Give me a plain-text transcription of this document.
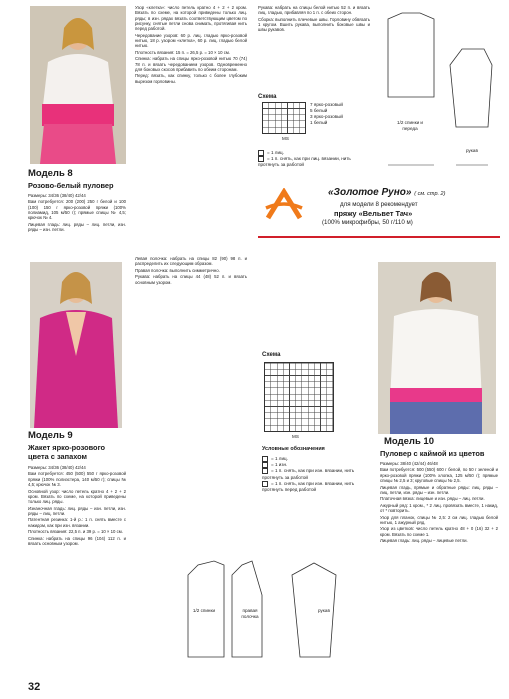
Модель 8
Розово-белый пуловер

Размеры: 34/36 (38/40) 42/44

Вам потребуется: 200 (200) 250 г белой и 100 (100) 150 г ярко-розовой пряжи (100% полиамид, 105 м/50 г); прямые спицы № 4,5; крючок № 4.

Лицевая гладь: лиц. ряды – лиц. петли, изн. ряды – изн. петли.

Узор «клетка»: число петель кратно 4 + 2 + 2 кром. Вязать по схеме, на которой приведены только лиц. ряды; в изн. рядах вязать соответствующим цветом по рисунку, снятые петли снова снимать, протягивая нить перед работой.

Чередование узоров: 60 р. лиц. гладью ярко-розовой нитью, 18 р. узором «клетка», 60 р. лиц. гладью белой нитью.

Плотность вязания: 15 п. = 26,5 р. = 10 × 10 см.

Спинка: набрать на спицы ярко-розовой нитью 70 (74) 78 п. и вязать чередованием узоров. Одновременно для боковых скосов прибавить по обеим сторонам.

Перед: вязать, как спинку, только с более глубоким вырезом горловины.

Рукава: набрать на спицы белой нитью 52 п. и вязать лиц. гладью, прибавляя по 1 п. с обеих сторон.

Сборка: выполнить плечевые швы. Горловину обвязать 1 кругом. Вшить рукава, выполнить боковые швы и швы рукавов.

Схема
7 ярко-розовый
5 белый
3 ярко-розовый
1 белый
MS
= 1 лиц.
= 1 п. снять, как при лиц. вязании, нить протянуть за работой
1/2 спинки и переда
рукав
«Золотое Руно» ( см. стр. 2)
для модели 8 рекомендует
пряжу «Вельвет Тач»
(100% микрофибры, 50 г/110 м)
Модель 9
Жакет ярко-розового цвета с запахом

Размеры: 34/36 (38/40) 42/44

Вам потребуется: 450 (500) 550 г ярко-розовой пряжи (100% полиэстера, 140 м/50 г); спицы № 4,5; крючок № 3.

Основной узор: число петель кратно 4 + 2 + 2 кром. Вязать по схеме, на которой приведены только лиц. ряды.

Изнаночная гладь: лиц. ряды – изн. петли, изн. ряды – лиц. петли.

Патентная резинка: 1-й р.: 1 п. снять вместе с накидом, как при изн. вязании.

Плотность вязания: 22,5 п. и 39 р. = 10 × 10 см.

Спинка: набрать на спицы 96 (104) 112 п. и вязать основным узором.

Левая полочка: набрать на спицы 82 (90) 98 п. и распределить их следующим образом.

Правая полочка: выполнить симметрично.

Рукава: набрать на спицы 44 (48) 52 п. и вязать основным узором.

Схема
MS
Условные обозначения
= 1 лиц.
= 1 изн.
= 1 п. снять, как при изн. вязании, нить протянуть за работой
= 1 п. снять, как при изн. вязании, нить протянуть перед работой
1/2 спинки	правая полочка
рукав
Модель 10
Пуловер с каймой из цветов

Размеры: 38/40 (42/44) 46/48

Вам потребуется: 500 (550) 600 г белой, по 50 г зеленой и ярко-розовой пряжи (100% хлопка, 125 м/50 г); прямые спицы № 2,5 и 3; круговые спицы № 2,5.

Лицевая гладь, прямые и обратные ряды: лиц. ряды – лиц. петли, изн. ряды – изн. петли.

Платочная вязка: лицевые и изн. ряды – лиц. петли.

Ажурный ряд: 1 кром., * 2 лиц. провязать вместе, 1 накид, от * повторить.

Узор для планок, спицы № 2,5: 2 см лиц. гладью белой нитью, 1 ажурный ряд.

Узор из цветков: число петель кратно 48 + 0 (16) 32 + 2 кром. Вязать по схеме 1.

Лицевая гладь: лиц. ряды – лицевые петли.

32
